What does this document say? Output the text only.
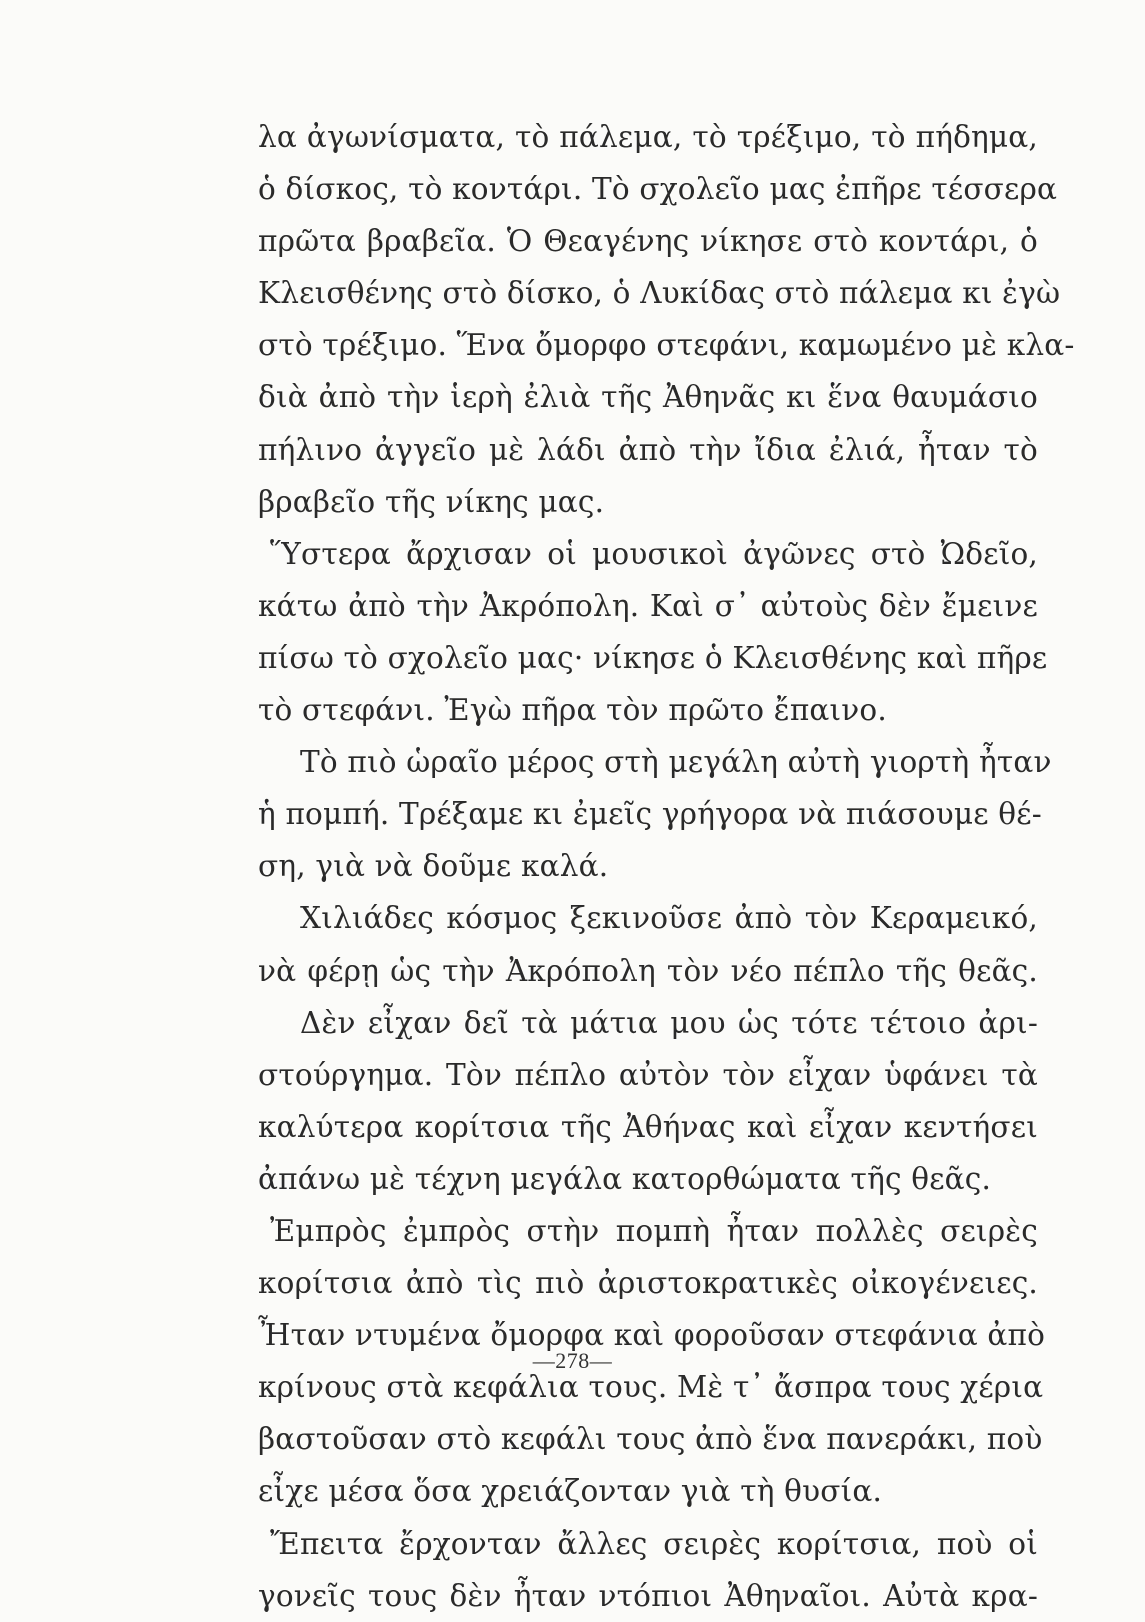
λα ἀγωνίσματα, τὸ πάλεμα, τὸ τρέξιμο, τὸ πήδημα,
ὁ δίσκος, τὸ κοντάρι. Τὸ σχολεῖο μας ἐπῆρε τέσσερα
πρῶτα βραβεῖα. Ὁ Θεαγένης νίκησε στὸ κοντάρι, ὁ
Κλεισθένης στὸ δίσκο, ὁ Λυκίδας στὸ πάλεμα κι ἐγὼ
στὸ τρέξιμο. Ἕνα ὄμορφο στεφάνι, καμωμένο μὲ κλα-
διὰ ἀπὸ τὴν ἱερὴ ἐλιὰ τῆς Ἀθηνᾶς κι ἕνα θαυμάσιο
πήλινο ἀγγεῖο μὲ λάδι ἀπὸ τὴν ἴδια ἐλιά, ἦταν τὸ
βραβεῖο τῆς νίκης μας.
Ὕστερα ἄρχισαν οἱ μουσικοὶ ἀγῶνες στὸ Ὠδεῖο,
κάτω ἀπὸ τὴν Ἀκρόπολη. Καὶ σ᾽ αὐτοὺς δὲν ἔμεινε
πίσω τὸ σχολεῖο μας· νίκησε ὁ Κλεισθένης καὶ πῆρε
τὸ στεφάνι. Ἐγὼ πῆρα τὸν πρῶτο ἔπαινο.
Τὸ πιὸ ὡραῖο μέρος στὴ μεγάλη αὐτὴ γιορτὴ ἦταν
ἡ πομπή. Τρέξαμε κι ἐμεῖς γρήγορα νὰ πιάσουμε θέ-
ση, γιὰ νὰ δοῦμε καλά.
Χιλιάδες κόσμος ξεκινοῦσε ἀπὸ τὸν Κεραμεικό,
νὰ φέρῃ ὡς τὴν Ἀκρόπολη τὸν νέο πέπλο τῆς θεᾶς.
Δὲν εἶχαν δεῖ τὰ μάτια μου ὡς τότε τέτοιο ἀρι-
στούργημα. Τὸν πέπλο αὐτὸν τὸν εἶχαν ὑφάνει τὰ
καλύτερα κορίτσια τῆς Ἀθήνας καὶ εἶχαν κεντήσει
ἀπάνω μὲ τέχνη μεγάλα κατορθώματα τῆς θεᾶς.
Ἐμπρὸς ἐμπρὸς στὴν πομπὴ ἦταν πολλὲς σειρὲς
κορίτσια ἀπὸ τὶς πιὸ ἀριστοκρατικὲς οἰκογένειες.
Ἦταν ντυμένα ὄμορφα καὶ φοροῦσαν στεφάνια ἀπὸ
κρίνους στὰ κεφάλια τους. Μὲ τ᾽ ἄσπρα τους χέρια
βαστοῦσαν στὸ κεφάλι τους ἀπὸ ἕνα πανεράκι, ποὺ
εἶχε μέσα ὅσα χρειάζονταν γιὰ τὴ θυσία.
Ἔπειτα ἔρχονταν ἄλλες σειρὲς κορίτσια, ποὺ οἱ
γονεῖς τους δὲν ἦταν ντόπιοι Ἀθηναῖοι. Αὐτὰ κρα-
—278—
